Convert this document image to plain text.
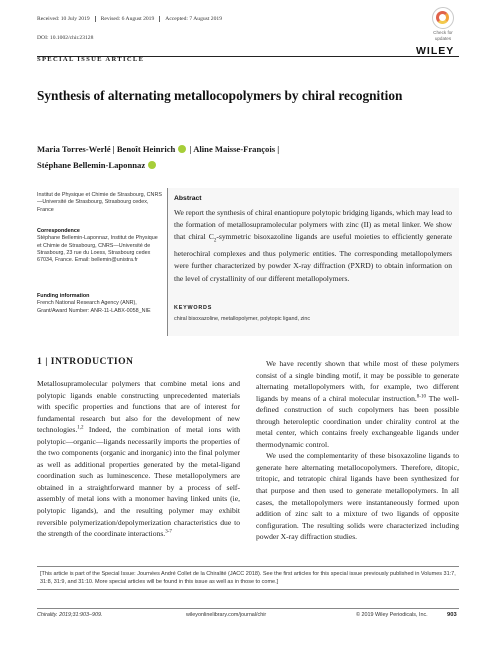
Received: 10 July 2019	Revised: 6 August 2019	Accepted: 7 August 2019
DOI: 10.1002/chir.23128
Check for
updates
WILEY
SPECIAL ISSUE ARTICLE
Synthesis of alternating metallocopolymers by chiral recognition
Maria Torres-Werlé | Benoît Heinrich | Aline Maisse-François |
Stéphane Bellemin-Laponnaz
Institut de Physique et Chimie de Strasbourg, CNRS—Université de Strasbourg, Strasbourg cedex, France
Correspondence
Stéphane Bellemin-Laponnaz, Institut de Physique et Chimie de Strasbourg, CNRS—Université de Strasbourg, 23 rue du Loess, Strasbourg cedex 67034, France. Email: bellemin@unistra.fr
Funding information
French National Research Agency (ANR), Grant/Award Number: ANR-11-LABX-0058_NIE
Abstract
We report the synthesis of chiral enantiopure polytopic bridging ligands, which may lead to the formation of metallosupramolecular polymers with zinc (II) as metal linker. We show that chiral $C_2$-symmetric bisoxazoline ligands are useful moieties to efficiently generate heterochiral complexes and thus polymeric entities. The corresponding metallopolymers were further characterized by powder X-ray diffraction (PXRD) to obtain information on the level of crystallinity of our different metallopolymers.
KEYWORDS
chiral bisoxazoline, metallopolymer, polytopic ligand, zinc
1 | INTRODUCTION

Metallosupramolecular polymers that combine metal ions and polytopic ligands enable constructing unprecedented materials with specific properties and functions that are of interest for fundamental research but also for the development of new technologies.$^{1,2}$ Indeed, the combination of metal ions with polytopic—organic—ligands necessarily imports the properties of the two components (organic and inorganic) into the final polymer as well as additional properties generated by the metal-ligand coordination such as luminescence. These metallopolymers are obtained in a straightforward manner by a process of self-assembly of metal ions with a monomer having linked units (ie, polytopic ligands), and the resulting polymer may exhibit reversible polymerization/depolymerization characteristics due to the strength of the coordinate interactions.$^{3-7}$

We have recently shown that while most of these polymers consist of a single binding motif, it may be possible to generate alternating metallopolymers with, for example, two different ligands by means of a chiral molecular instruction.$^{8-10}$ The well-defined construction of such copolymers has been possible through heteroleptic coordination under chirality control at the metal center, which contains freely exchangeable ligands under thermodynamic control.

We used the complementarity of these bisoxazoline ligands to generate here alternating metallocopolymers. Therefore, ditopic, tritopic, and tetratopic chiral ligands have been synthesized for that purpose and then used to generate metallopolymers. In all cases, the metallopolymers were instantaneously formed upon addition of zinc salt to a mixture of two ligands of opposite configuration. The resulting solids were characterized including powder X-ray diffraction studies.

[This article is part of the Special Issue: Journées André Collet de la Chiralité (JACC 2018). See the first articles for this special issue previously published in Volumes 31:7, 31:8, 31:9, and 31:10. More special articles will be found in this issue as well as in those to come.]
Chirality. 2019;31:903–909.	wileyonlinelibrary.com/journal/chir	© 2019 Wiley Periodicals, Inc.	903
